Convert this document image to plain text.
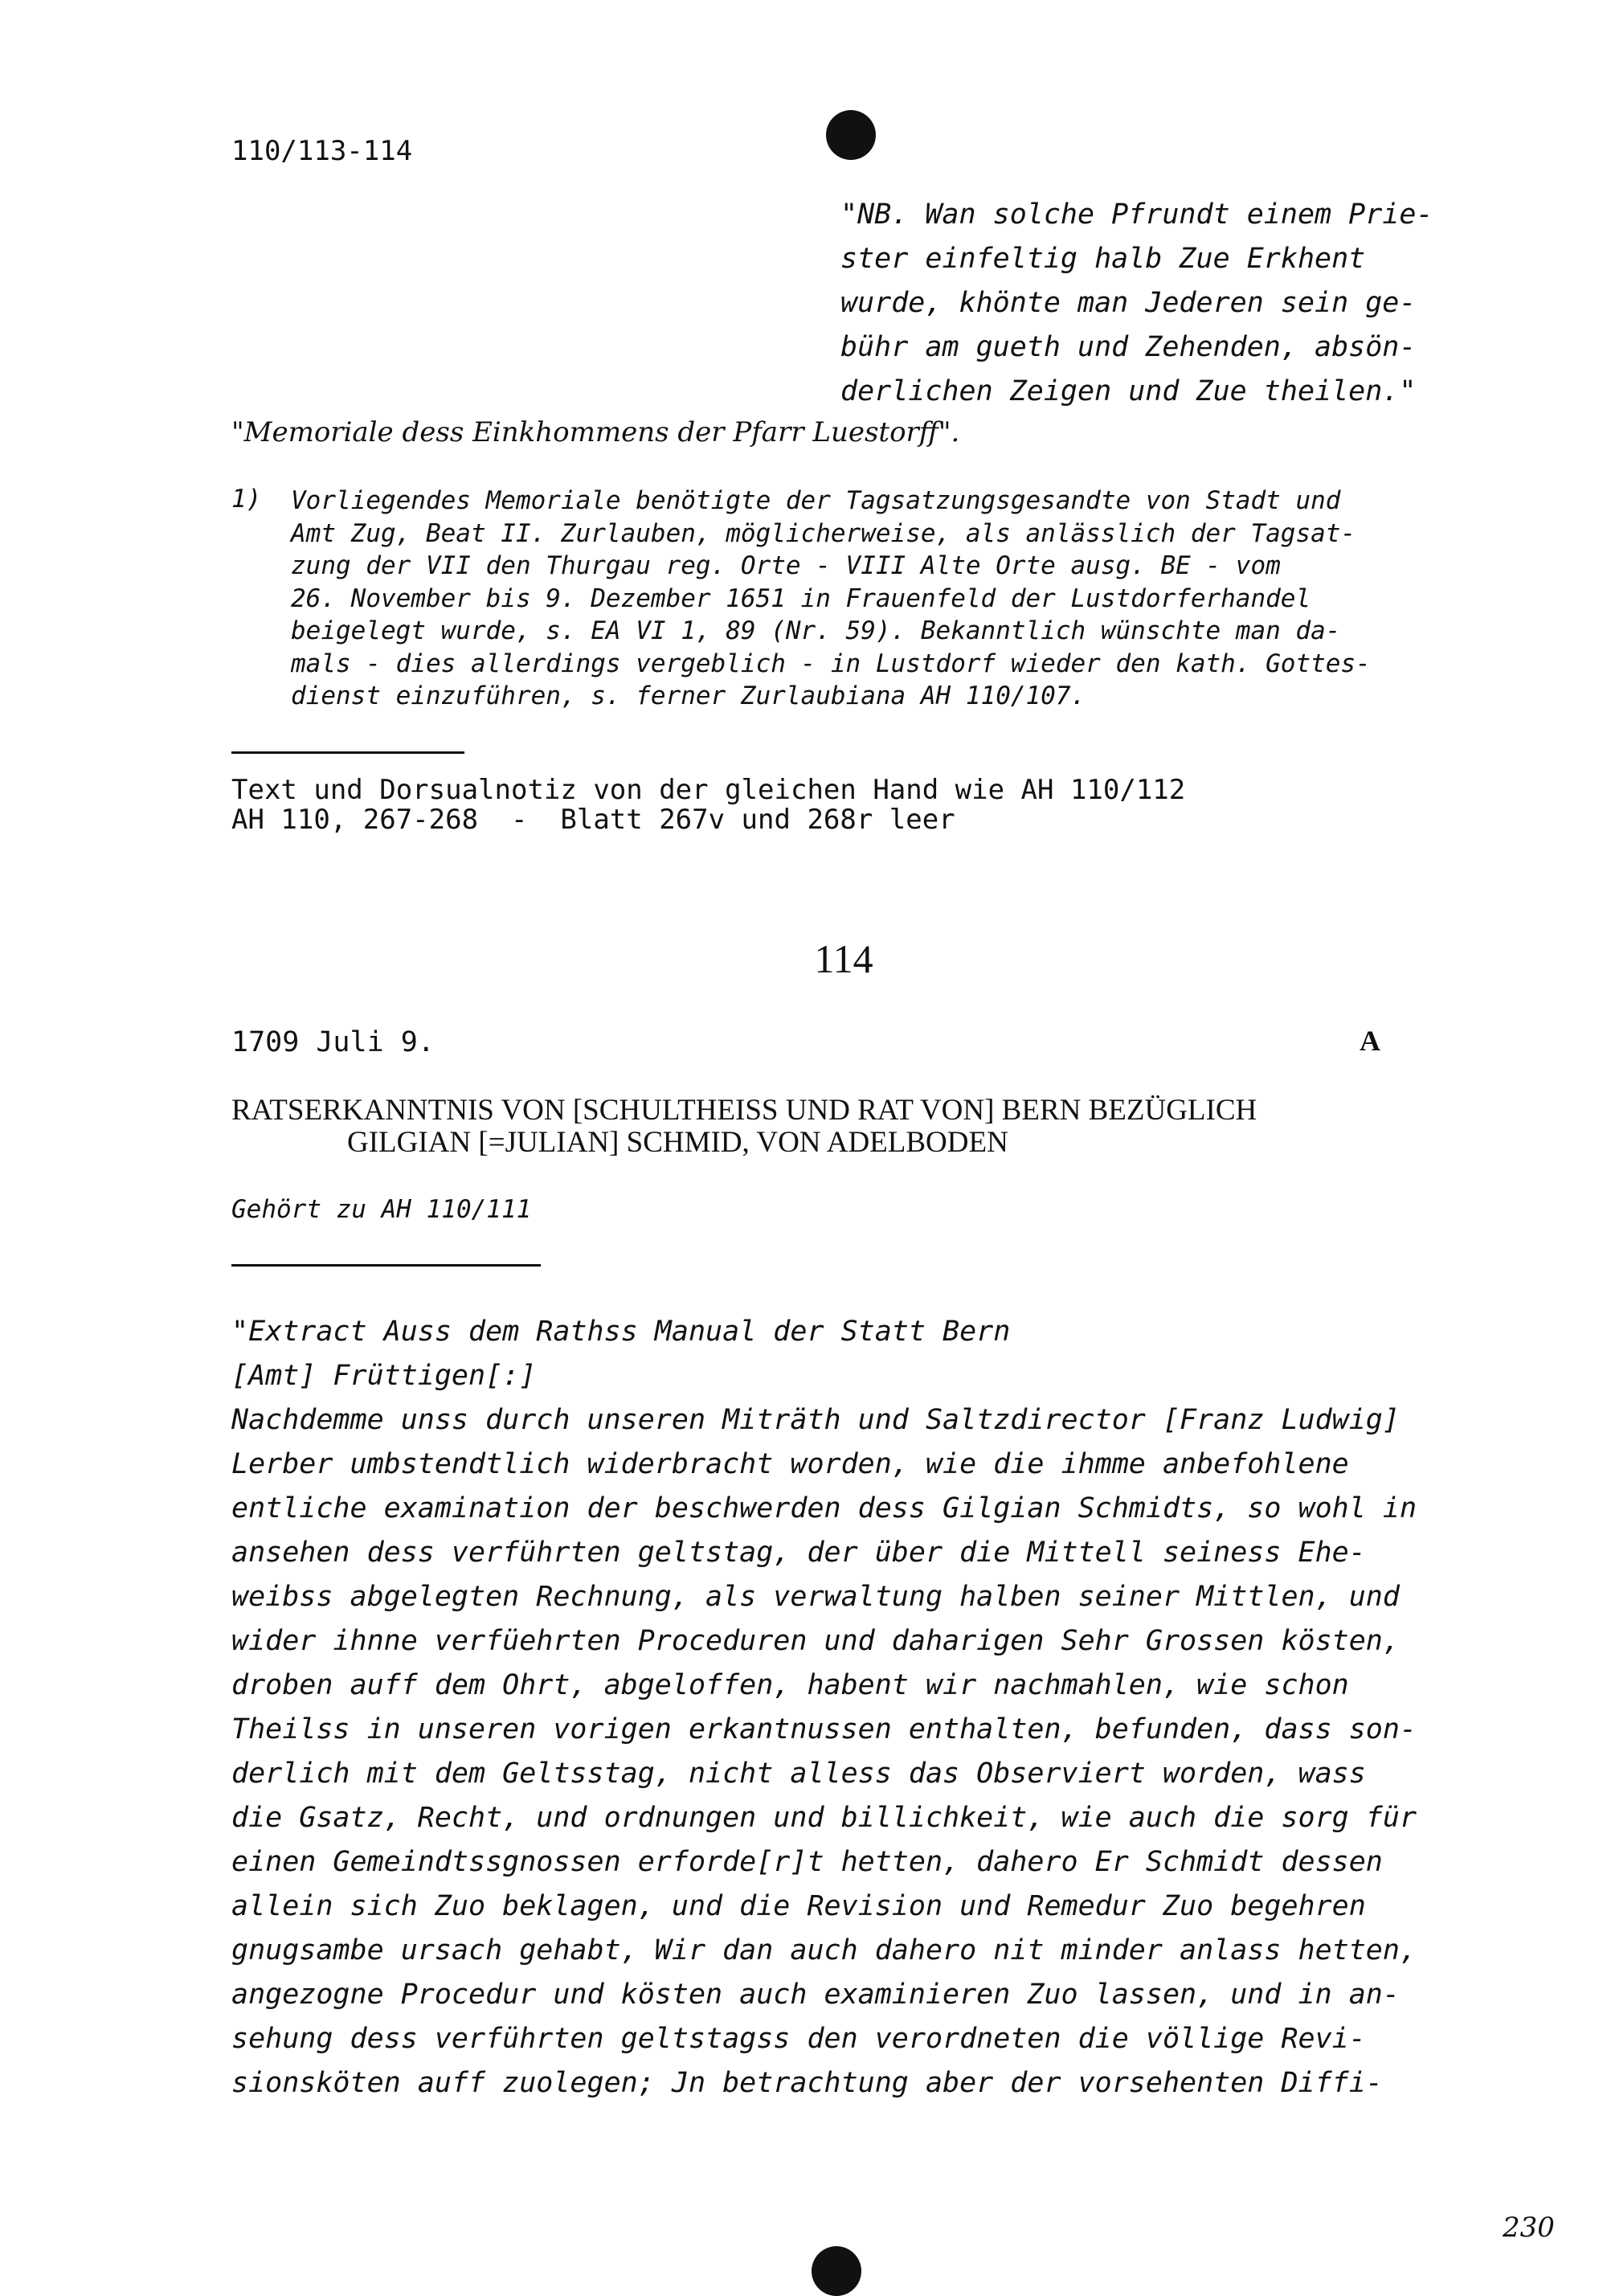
110/113-114
"NB. Wan solche Pfrundt einem Prie-
ster einfeltig halb Zue Erkhent
wurde, khönte man Jederen sein ge-
bühr am gueth und Zehenden, absön-
derlichen Zeigen und Zue theilen."
"Memoriale dess Einkhommens der Pfarr Luestorff".
1) Vorliegendes Memoriale benötigte der Tagsatzungsgesandte von Stadt und
Amt Zug, Beat II. Zurlauben, möglicherweise, als anlässlich der Tagsat-
zung der VII den Thurgau reg. Orte - VIII Alte Orte ausg. BE - vom
26. November bis 9. Dezember 1651 in Frauenfeld der Lustdorferhandel
beigelegt wurde, s. EA VI 1, 89 (Nr. 59). Bekanntlich wünschte man da-
mals - dies allerdings vergeblich - in Lustdorf wieder den kath. Gottes-
dienst einzuführen, s. ferner Zurlaubiana AH 110/107.
Text und Dorsualnotiz von der gleichen Hand wie AH 110/112
AH 110, 267-268  -  Blatt 267v und 268r leer
114
1709 Juli 9.	A
RATSERKANNTNIS VON [SCHULTHEISS UND RAT VON] BERN BEZÜGLICH
GILGIAN [=JULIAN] SCHMID, VON ADELBODEN
Gehört zu AH 110/111
"Extract Auss dem Rathss Manual der Statt Bern
[Amt] Früttigen[:]
Nachdemme unss durch unseren Miträth und Saltzdirector [Franz Ludwig]
Lerber umbstendtlich widerbracht worden, wie die ihmme anbefohlene
entliche examination der beschwerden dess Gilgian Schmidts, so wohl in
ansehen dess verführten geltstag, der über die Mittell seiness Ehe-
weibss abgelegten Rechnung, als verwaltung halben seiner Mittlen, und
wider ihnne verfüehrten Proceduren und daharigen Sehr Grossen kösten,
droben auff dem Ohrt, abgeloffen, habent wir nachmahlen, wie schon
Theilss in unseren vorigen erkantnussen enthalten, befunden, dass son-
derlich mit dem Geltsstag, nicht alless das Observiert worden, wass
die Gsatz, Recht, und ordnungen und billichkeit, wie auch die sorg für
einen Gemeindtssgnossen erforde[r]t hetten, dahero Er Schmidt dessen
allein sich Zuo beklagen, und die Revision und Remedur Zuo begehren
gnugsambe ursach gehabt, Wir dan auch dahero nit minder anlass hetten,
angezogne Procedur und kösten auch examinieren Zuo lassen, und in an-
sehung dess verführten geltstagss den verordneten die völlige Revi-
sionsköten auff zuolegen; Jn betrachtung aber der vorsehenten Diffi-
230
